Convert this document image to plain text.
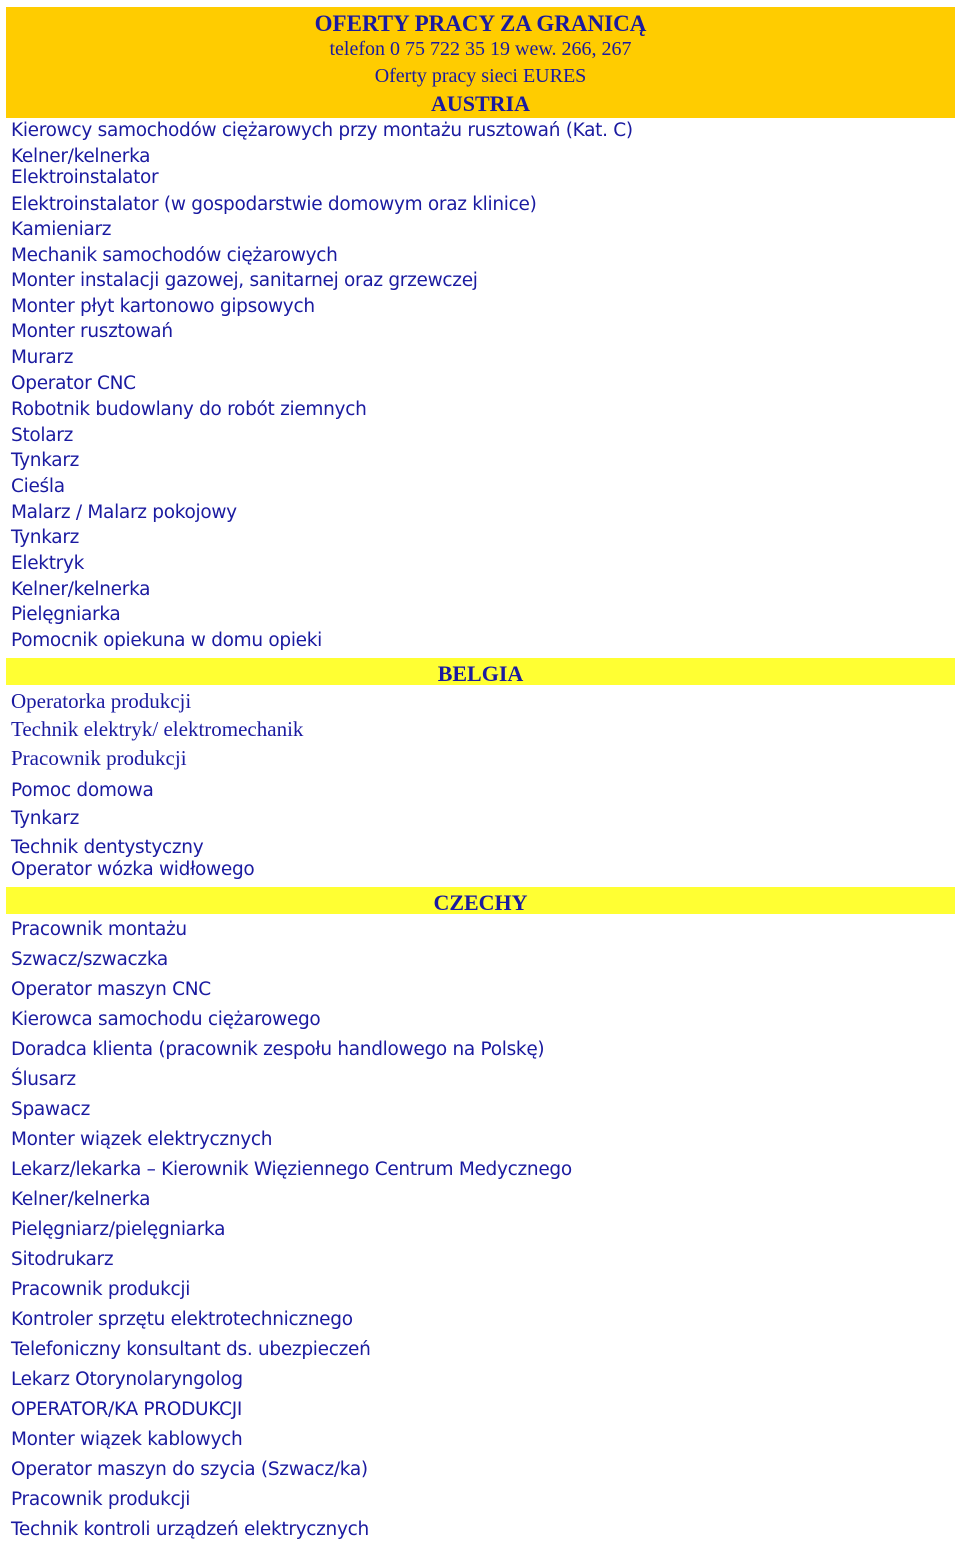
OFERTY PRACY ZA GRANICĄ
telefon 0 75 722 35 19 wew. 266, 267
Oferty pracy sieci EURES
AUSTRIA
Kierowcy samochodów ciężarowych przy montażu rusztowań (Kat. C)
Kelner/kelnerka
Elektroinstalator
Elektroinstalator (w gospodarstwie domowym oraz klinice)
Kamieniarz
Mechanik samochodów ciężarowych
Monter instalacji gazowej, sanitarnej oraz grzewczej
Monter płyt kartonowo gipsowych
Monter rusztowań
Murarz
Operator CNC
Robotnik budowlany do robót ziemnych
Stolarz
Tynkarz
Cieśla
Malarz / Malarz pokojowy
Tynkarz
Elektryk
Kelner/kelnerka
Pielęgniarka
Pomocnik opiekuna w domu opieki
BELGIA
Operatorka produkcji
Technik elektryk/ elektromechanik
Pracownik produkcji
Pomoc domowa
Tynkarz
Technik dentystyczny
Operator wózka widłowego
CZECHY
Pracownik montażu
Szwacz/szwaczka
Operator maszyn CNC
Kierowca samochodu ciężarowego
Doradca klienta (pracownik zespołu handlowego na Polskę)
Ślusarz
Spawacz
Monter wiązek elektrycznych
Lekarz/lekarka – Kierownik Więziennego Centrum Medycznego
Kelner/kelnerka
Pielęgniarz/pielęgniarka
Sitodrukarz
Pracownik produkcji
Kontroler sprzętu elektrotechnicznego
Telefoniczny konsultant ds. ubezpieczeń
Lekarz Otorynolaryngolog
OPERATOR/KA PRODUKCJI
Monter wiązek kablowych
Operator maszyn do szycia (Szwacz/ka)
Pracownik produkcji
Technik kontroli urządzeń elektrycznych
